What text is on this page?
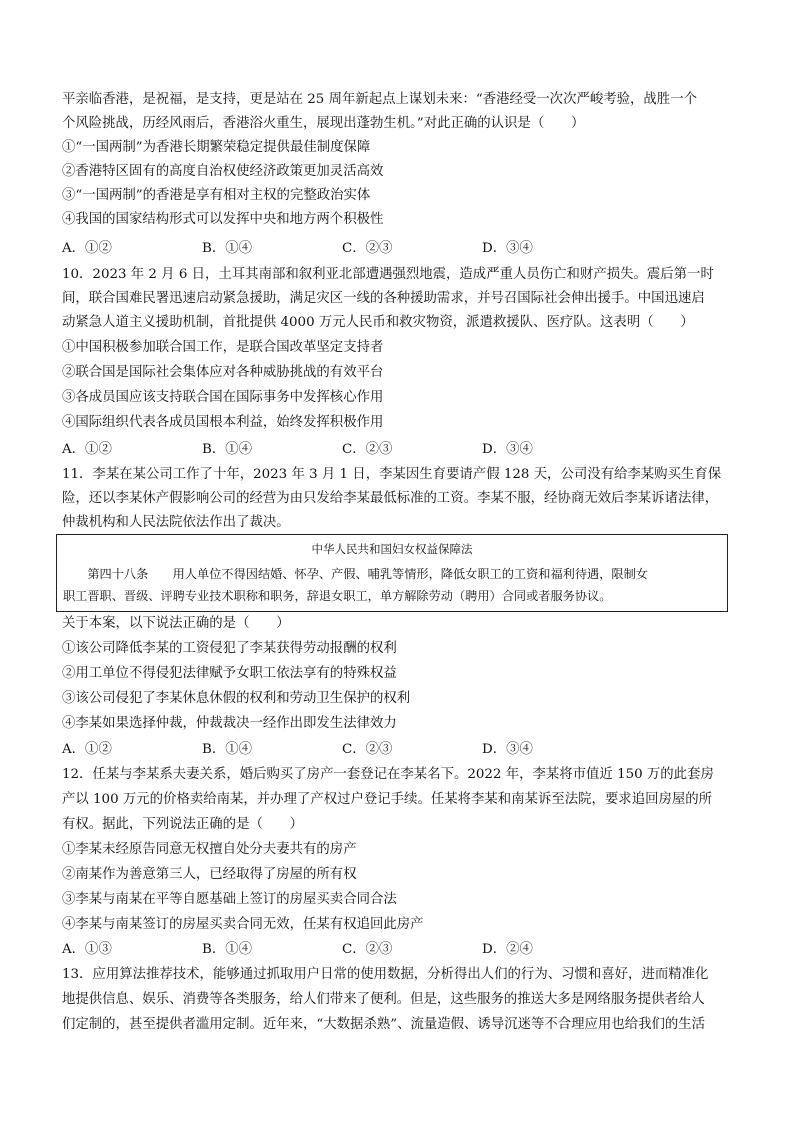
平亲临香港，是祝福，是支持，更是站在 25 周年新起点上谋划未来：“香港经受一次次严峻考验，战胜一个
个风险挑战，历经风雨后，香港浴火重生，展现出蓬勃生机。”对此正确的认识是（　　）
①“一国两制”为香港长期繁荣稳定提供最佳制度保障
②香港特区固有的高度自治权使经济政策更加灵活高效
③“一国两制”的香港是享有相对主权的完整政治实体
④我国的国家结构形式可以发挥中央和地方两个积极性
A．①②	B．①④	C．②③	D．③④
10．2023 年 2 月 6 日，土耳其南部和叙利亚北部遭遇强烈地震，造成严重人员伤亡和财产损失。震后第一时
间，联合国难民署迅速启动紧急援助，满足灾区一线的各种援助需求，并号召国际社会伸出援手。中国迅速启
动紧急人道主义援助机制，首批提供 4000 万元人民币和救灾物资，派遣救援队、医疗队。这表明（　　）
①中国积极参加联合国工作，是联合国改革坚定支持者
②联合国是国际社会集体应对各种威胁挑战的有效平台
③各成员国应该支持联合国在国际事务中发挥核心作用
④国际组织代表各成员国根本利益，始终发挥积极作用
A．①②	B．①④	C．②③	D．③④
11．李某在某公司工作了十年，2023 年 3 月 1 日，李某因生育要请产假 128 天，公司没有给李某购买生育保
险，还以李某休产假影响公司的经营为由只发给李某最低标准的工资。李某不服，经协商无效后李某诉诸法律，
仲裁机构和人民法院依法作出了裁决。
中华人民共和国妇女权益保障法
　　第四十八条　　用人单位不得因结婚、怀孕、产假、哺乳等情形，降低女职工的工资和福利待遇，限制女
职工晋职、晋级、评聘专业技术职称和职务，辞退女职工，单方解除劳动（聘用）合同或者服务协议。
关于本案，以下说法正确的是（　　）
①该公司降低李某的工资侵犯了李某获得劳动报酬的权利
②用工单位不得侵犯法律赋予女职工依法享有的特殊权益
③该公司侵犯了李某休息休假的权利和劳动卫生保护的权利
④李某如果选择仲裁，仲裁裁决一经作出即发生法律效力
A．①②	B．①④	C．②③	D．③④
12．任某与李某系夫妻关系，婚后购买了房产一套登记在李某名下。2022 年，李某将市值近 150 万的此套房
产以 100 万元的价格卖给南某，并办理了产权过户登记手续。任某将李某和南某诉至法院，要求追回房屋的所
有权。据此，下列说法正确的是（　　）
①李某未经原告同意无权擅自处分夫妻共有的房产
②南某作为善意第三人，已经取得了房屋的所有权
③李某与南某在平等自愿基础上签订的房屋买卖合同合法
④李某与南某签订的房屋买卖合同无效，任某有权追回此房产
A．①③	B．①④	C．②③	D．②④
13．应用算法推荐技术，能够通过抓取用户日常的使用数据，分析得出人们的行为、习惯和喜好，进而精准化
地提供信息、娱乐、消费等各类服务，给人们带来了便利。但是，这些服务的推送大多是网络服务提供者给人
们定制的，甚至提供者滥用定制。近年来，“大数据杀熟”、流量造假、诱导沉迷等不合理应用也给我们的生活
